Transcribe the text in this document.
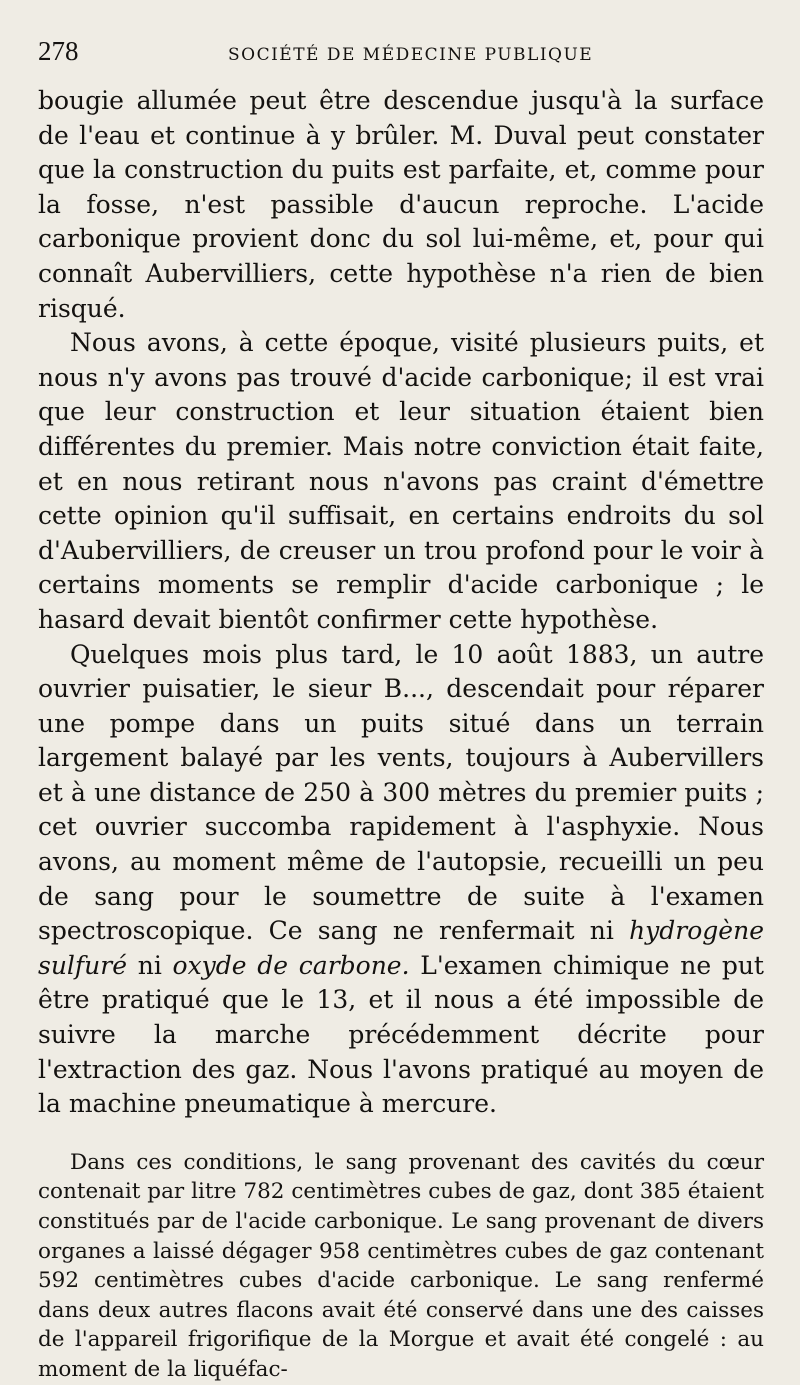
278	SOCIÉTÉ DE MÉDECINE PUBLIQUE

bougie allumée peut être descendue jusqu'à la surface de l'eau et continue à y brûler. M. Duval peut constater que la construction du puits est parfaite, et, comme pour la fosse, n'est passible d'aucun reproche. L'acide carbonique provient donc du sol lui-même, et, pour qui connaît Aubervilliers, cette hypothèse n'a rien de bien risqué.

Nous avons, à cette époque, visité plusieurs puits, et nous n'y avons pas trouvé d'acide carbonique; il est vrai que leur construction et leur situation étaient bien différentes du premier. Mais notre conviction était faite, et en nous retirant nous n'avons pas craint d'émettre cette opinion qu'il suffisait, en certains endroits du sol d'Aubervilliers, de creuser un trou profond pour le voir à certains moments se remplir d'acide carbonique ; le hasard devait bientôt confirmer cette hypothèse.

Quelques mois plus tard, le 10 août 1883, un autre ouvrier puisatier, le sieur B..., descendait pour réparer une pompe dans un puits situé dans un terrain largement balayé par les vents, toujours à Aubervillers et à une distance de 250 à 300 mètres du premier puits ; cet ouvrier succomba rapidement à l'asphyxie. Nous avons, au moment même de l'autopsie, recueilli un peu de sang pour le soumettre de suite à l'examen spectroscopique. Ce sang ne renfermait ni hydrogène sulfuré ni oxyde de carbone. L'examen chimique ne put être pratiqué que le 13, et il nous a été impossible de suivre la marche précédemment décrite pour l'extraction des gaz. Nous l'avons pratiqué au moyen de la machine pneumatique à mercure.

Dans ces conditions, le sang provenant des cavités du cœur contenait par litre 782 centimètres cubes de gaz, dont 385 étaient constitués par de l'acide carbonique. Le sang provenant de divers organes a laissé dégager 958 centimètres cubes de gaz contenant 592 centimètres cubes d'acide carbonique. Le sang renfermé dans deux autres flacons avait été conservé dans une des caisses de l'appareil frigorifique de la Morgue et avait été congelé : au moment de la liquéfac-
